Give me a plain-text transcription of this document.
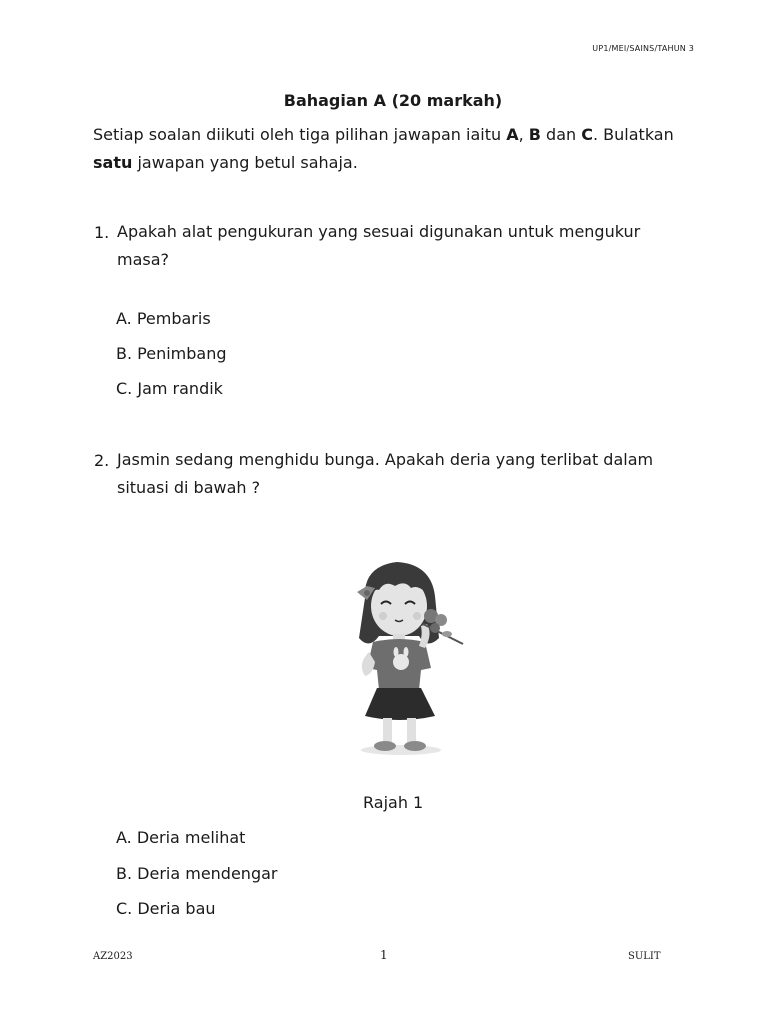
UP1/MEI/SAINS/TAHUN 3
Bahagian A (20 markah)
Setiap soalan diikuti oleh tiga pilihan jawapan iaitu A, B dan C. Bulatkan
satu jawapan yang betul sahaja.
1. Apakah alat pengukuran yang sesuai digunakan untuk mengukur
masa?
A. Pembaris
B. Penimbang
C. Jam randik
2. Jasmin sedang menghidu bunga. Apakah deria yang terlibat dalam
situasi di bawah ?
Rajah 1
A. Deria melihat
B. Deria mendengar
C. Deria bau
AZ2023	1	SULIT
